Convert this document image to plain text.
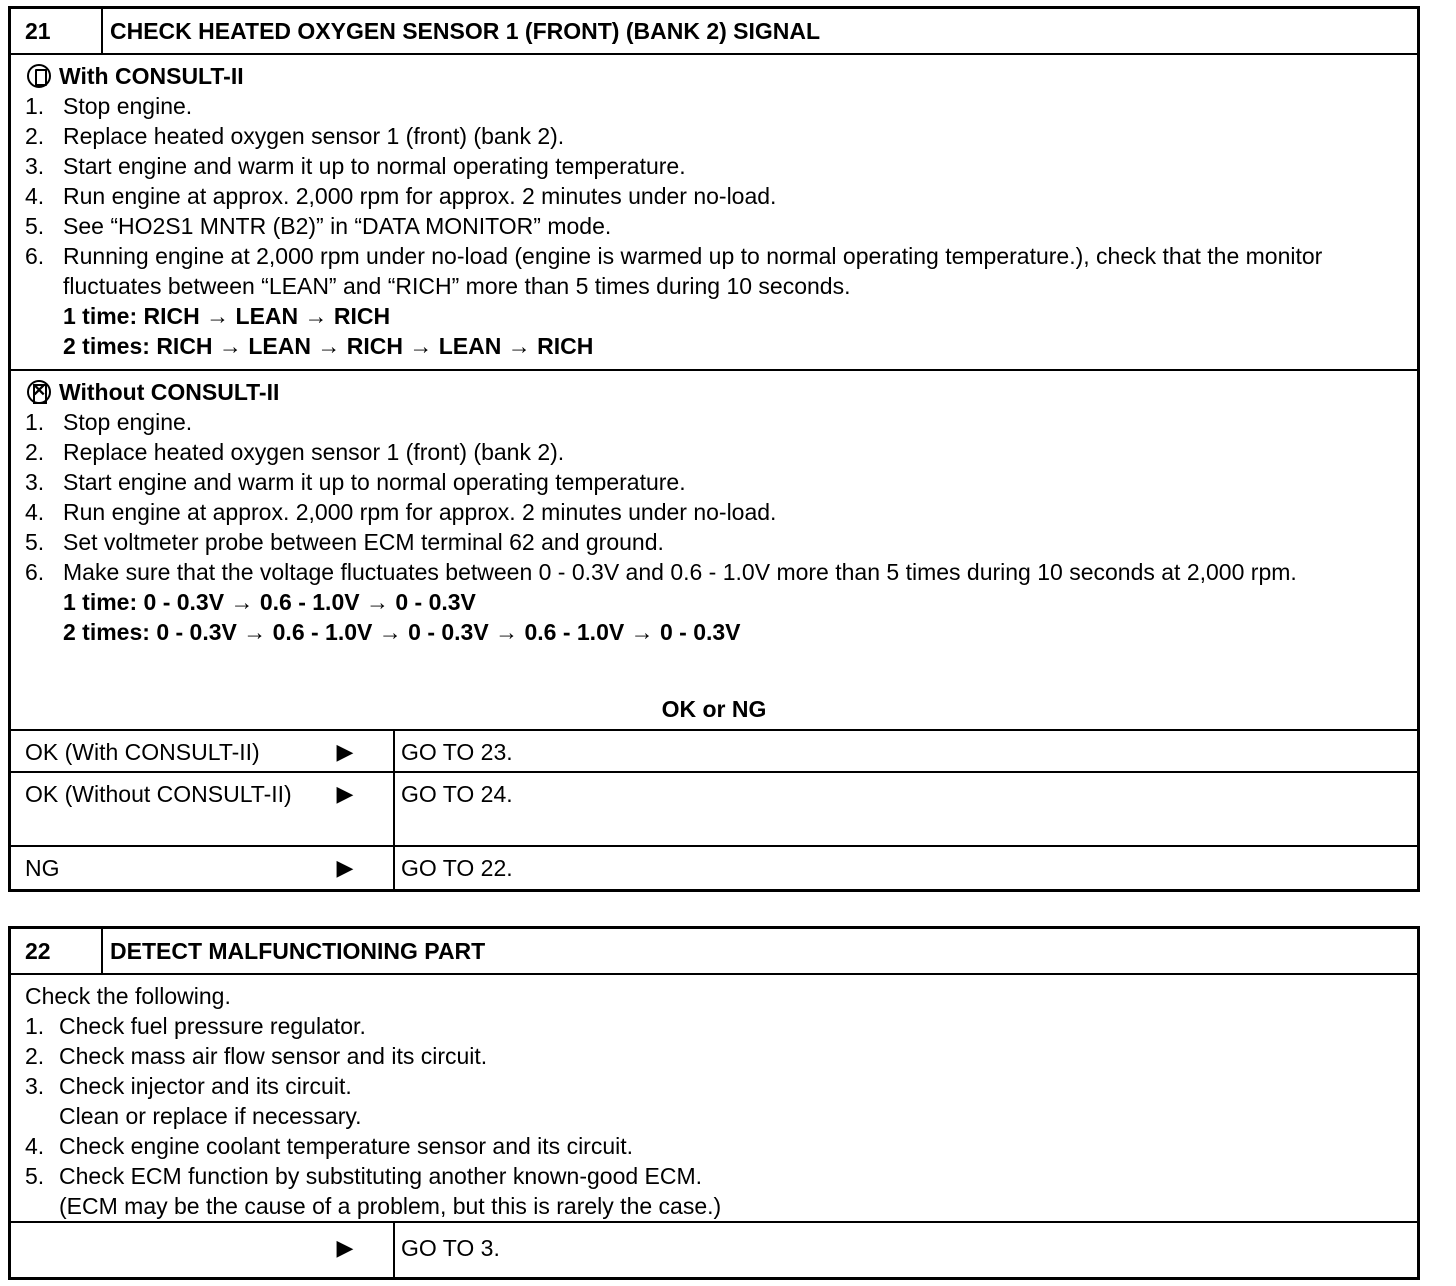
21	CHECK HEATED OXYGEN SENSOR 1 (FRONT) (BANK 2) SIGNAL
With CONSULT-II
1. Stop engine.
2. Replace heated oxygen sensor 1 (front) (bank 2).
3. Start engine and warm it up to normal operating temperature.
4. Run engine at approx. 2,000 rpm for approx. 2 minutes under no-load.
5. See “HO2S1 MNTR (B2)” in “DATA MONITOR” mode.
6. Running engine at 2,000 rpm under no-load (engine is warmed up to normal operating temperature.), check that the monitor fluctuates between “LEAN” and “RICH” more than 5 times during 10 seconds.
1 time: RICH → LEAN → RICH
2 times: RICH → LEAN → RICH → LEAN → RICH
✕
Without CONSULT-II
1. Stop engine.
2. Replace heated oxygen sensor 1 (front) (bank 2).
3. Start engine and warm it up to normal operating temperature.
4. Run engine at approx. 2,000 rpm for approx. 2 minutes under no-load.
5. Set voltmeter probe between ECM terminal 62 and ground.
6. Make sure that the voltage fluctuates between 0 - 0.3V and 0.6 - 1.0V more than 5 times during 10 seconds at 2,000 rpm.
1 time: 0 - 0.3V → 0.6 - 1.0V → 0 - 0.3V
2 times: 0 - 0.3V → 0.6 - 1.0V → 0 - 0.3V → 0.6 - 1.0V → 0 - 0.3V
OK or NG
OK (With CONSULT-II)	▶	GO TO 23.
OK (Without CONSULT-II)	▶	GO TO 24.
NG	▶	GO TO 22.
22	DETECT MALFUNCTIONING PART
Check the following.
1. Check fuel pressure regulator.
2. Check mass air flow sensor and its circuit.
3. Check injector and its circuit.
Clean or replace if necessary.
4. Check engine coolant temperature sensor and its circuit.
5. Check ECM function by substituting another known-good ECM.
(ECM may be the cause of a problem, but this is rarely the case.)
▶	GO TO 3.
